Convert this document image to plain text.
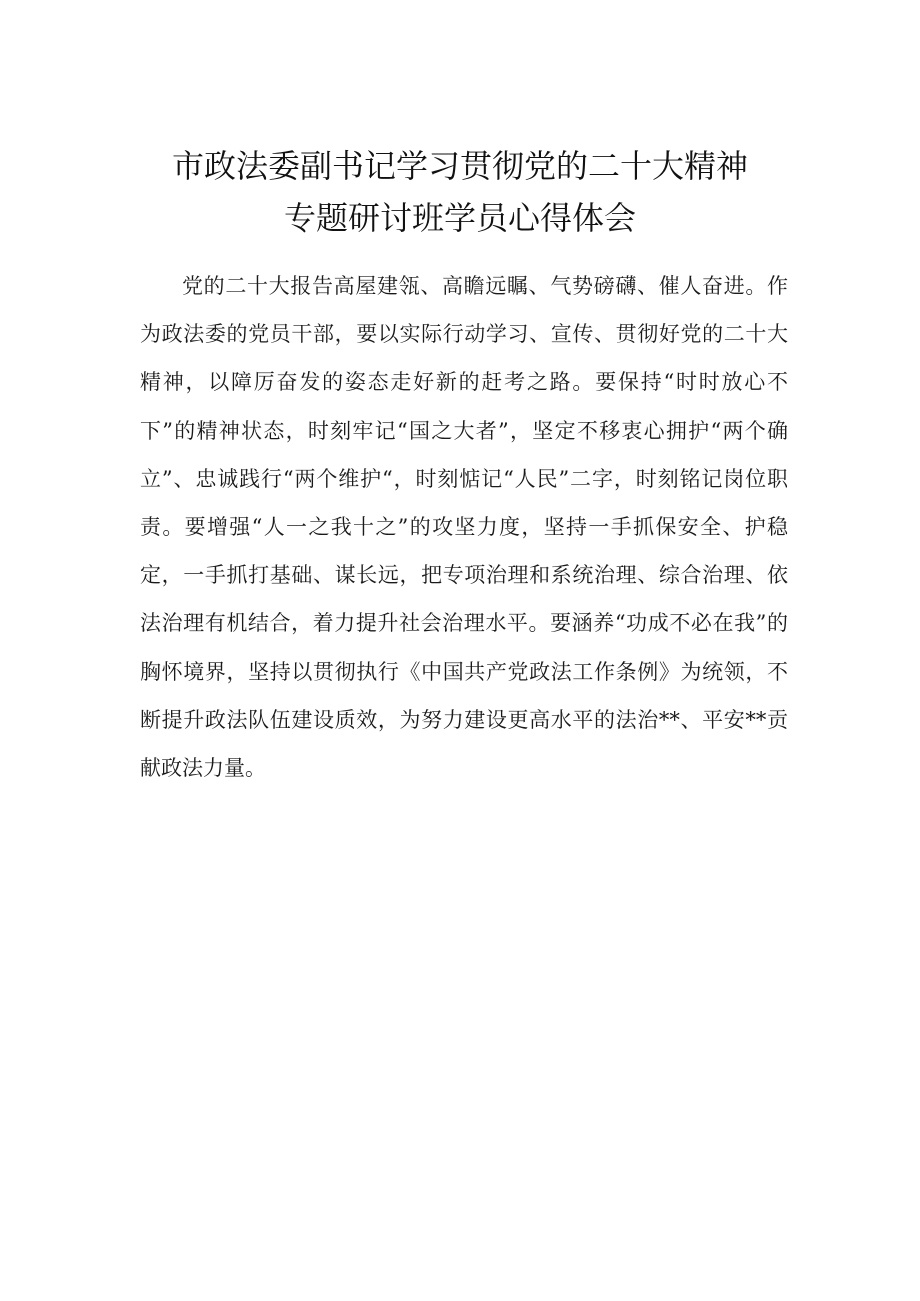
市政法委副书记学习贯彻党的二十大精神
专题研讨班学员心得体会

党的二十大报告高屋建瓴、高瞻远瞩、气势磅礴、催人奋进。作为政法委的党员干部，要以实际行动学习、宣传、贯彻好党的二十大精神，以障厉奋发的姿态走好新的赶考之路。要保持“时时放心不下”的精神状态，时刻牢记“国之大者”，坚定不移衷心拥护“两个确立”、忠诚践行“两个维护“，时刻惦记“人民”二字，时刻铭记岗位职责。要增强“人一之我十之”的攻坚力度，坚持一手抓保安全、护稳定，一手抓打基础、谋长远，把专项治理和系统治理、综合治理、依法治理有机结合，着力提升社会治理水平。要涵养“功成不必在我”的胸怀境界，坚持以贯彻执行《中国共产党政法工作条例》为统领，不断提升政法队伍建设质效，为努力建设更高水平的法治**、平安**贡献政法力量。
